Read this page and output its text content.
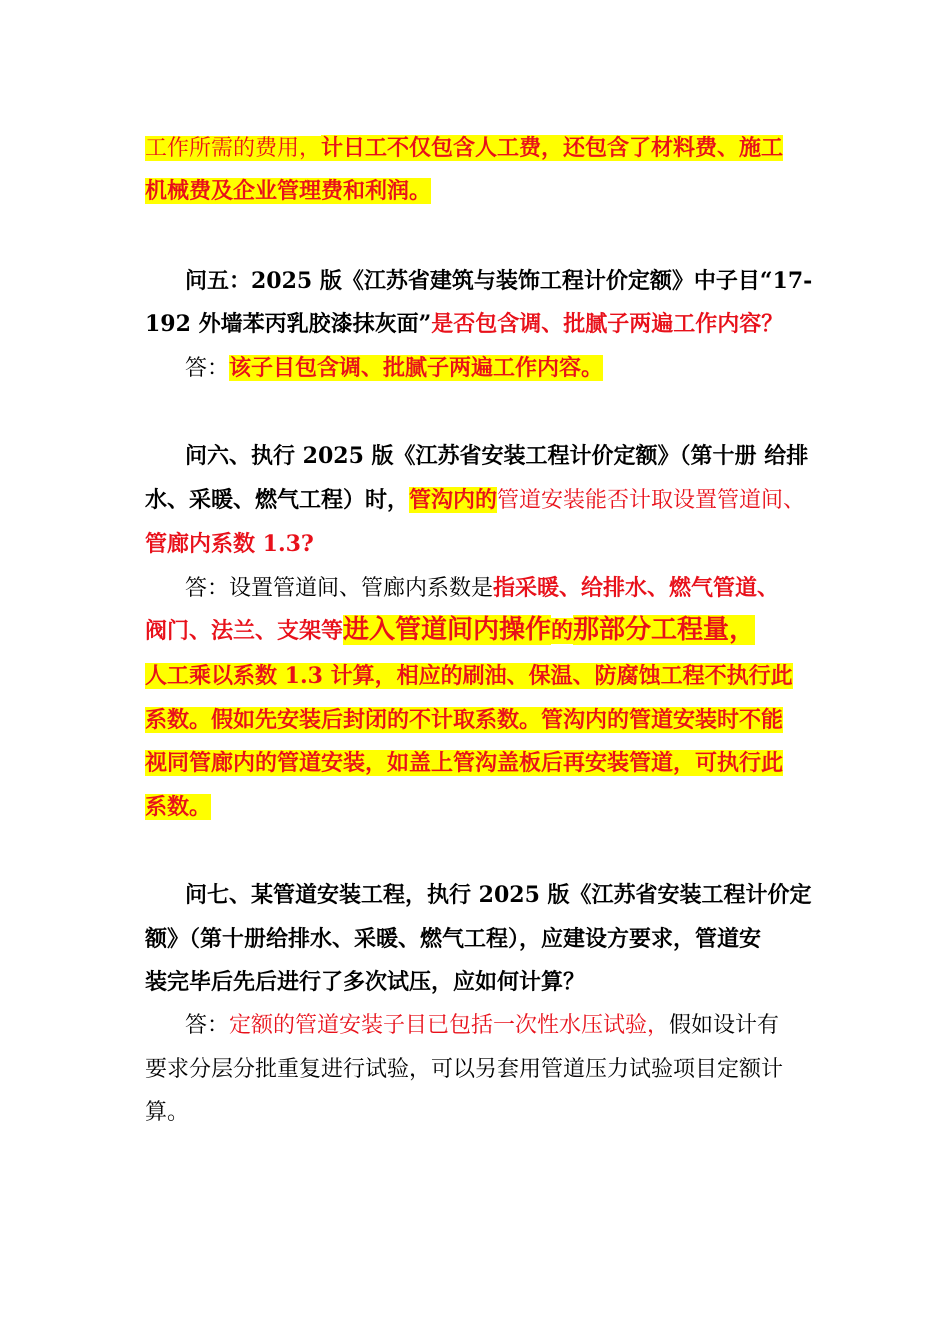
工作所需的费用，计日工不仅包含人工费，还包含了材料费、施工
机械费及企业管理费和利润。
问五：2025 版《江苏省建筑与装饰工程计价定额》中子目“17-
192 外墙苯丙乳胶漆抹灰面”是否包含调、批腻子两遍工作内容？
答：该子目包含调、批腻子两遍工作内容。
问六、执行 2025 版《江苏省安装工程计价定额》（第十册 给排
水、采暖、燃气工程）时，管沟内的管道安装能否计取设置管道间、
管廊内系数 1.3?
答：设置管道间、管廊内系数是指采暖、给排水、燃气管道、
阀门、法兰、支架等进入管道间内操作的那部分工程量，
人工乘以系数 1.3 计算，相应的刷油、保温、防腐蚀工程不执行此
系数。假如先安装后封闭的不计取系数。管沟内的管道安装时不能
视同管廊内的管道安装，如盖上管沟盖板后再安装管道，可执行此
系数。
问七、某管道安装工程，执行 2025 版《江苏省安装工程计价定
额》（第十册给排水、采暖、燃气工程），应建设方要求，管道安
装完毕后先后进行了多次试压，应如何计算？
答：定额的管道安装子目已包括一次性水压试验，假如设计有
要求分层分批重复进行试验，可以另套用管道压力试验项目定额计
算。
